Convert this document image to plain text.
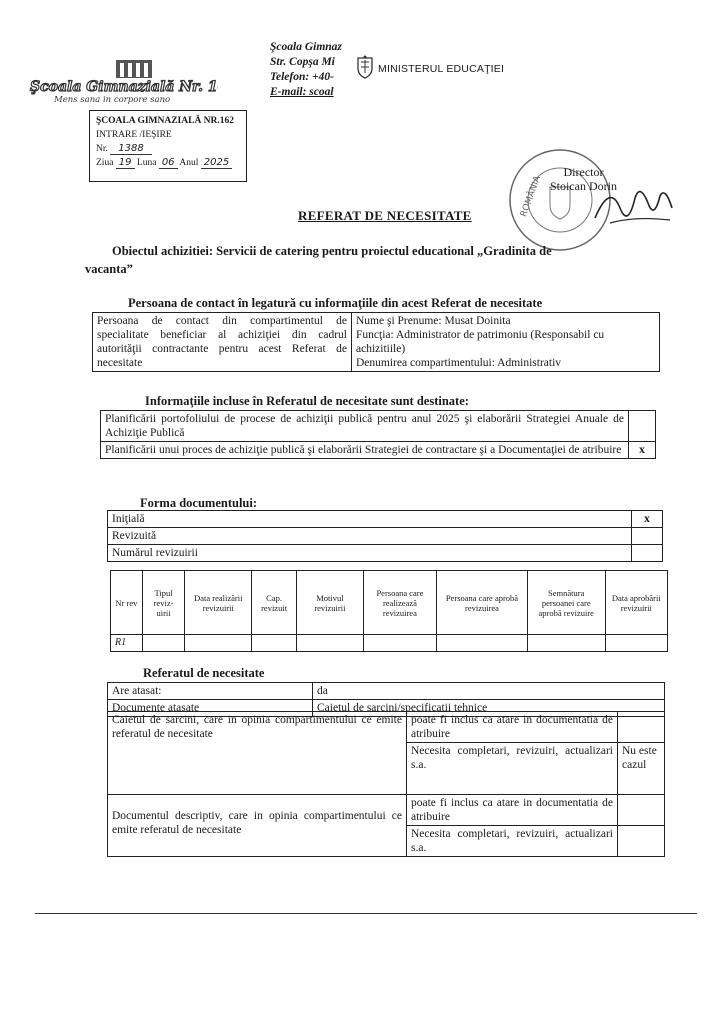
Şcoala Gimnazială Nr. 162
Mens sana in corpore sano
Şcoala Gimnaz
Str. Copşa Mi
Telefon: +40-
E-mail: scoal
MINISTERUL EDUCAŢIEI
ŞCOALA GIMNAZIALĂ NR.162
INTRARE /IEŞIRE
Nr. 1388
Ziua 19 Luna 06 Anul 2025
ROMÂNIA
Director
Stoican Dorin
REFERAT DE NECESITATE
Obiectul achizitiei: Servicii de catering pentru proiectul educational „Gradinita de
vacanta”
Persoana de contact în legatură cu informaţiile din acest Referat de necesitate
Persoana de contact din compartimentul de specialitate beneficiar al achiziţiei din cadrul autorităţii contractante pentru acest Referat de necesitate	
Nume şi Prenume: Musat Doinita
Funcţia: Administrator de patrimoniu (Responsabil cu achizitiile)
Denumirea compartimentului: Administrativ
Informaţiile incluse în Referatul de necesitate sunt destinate:
Planificării portofoliului de procese de achiziţii publică pentru anul 2025 şi elaborării Strategiei Anuale de Achiziţie Publică	
Planificării unui proces de achiziţie publică şi elaborării Strategiei de contractare şi a Documentaţiei de atribuire	x
Forma documentului:
Iniţială	x
Revizuită	
Numărul revizuirii	
Nr rev	Tipul reviz-uirii	Data realizării revizuirii	Cap. revizuit	Motivul revizuirii	Persoana care realizează revizuirea	Persoana care aprobă revizuirea	Semnătura persoanei care aprobă revizuire	Data aprobării revizuirii
R1								
Referatul de necesitate
Are atasat:	da
Documente atasate	Caietul de sarcini/specificatii tehnice
Caietul de sarcini, care in opinia compartimentului ce emite referatul de necesitate	poate fi inclus ca atare in documentatia de atribuire	
	Necesita completari, revizuiri, actualizari s.a.	Nu este cazul
Documentul descriptiv, care in opinia compartimentului ce emite referatul de necesitate	poate fi inclus ca atare in documentatia de atribuire	
	Necesita completari, revizuiri, actualizari s.a.	
